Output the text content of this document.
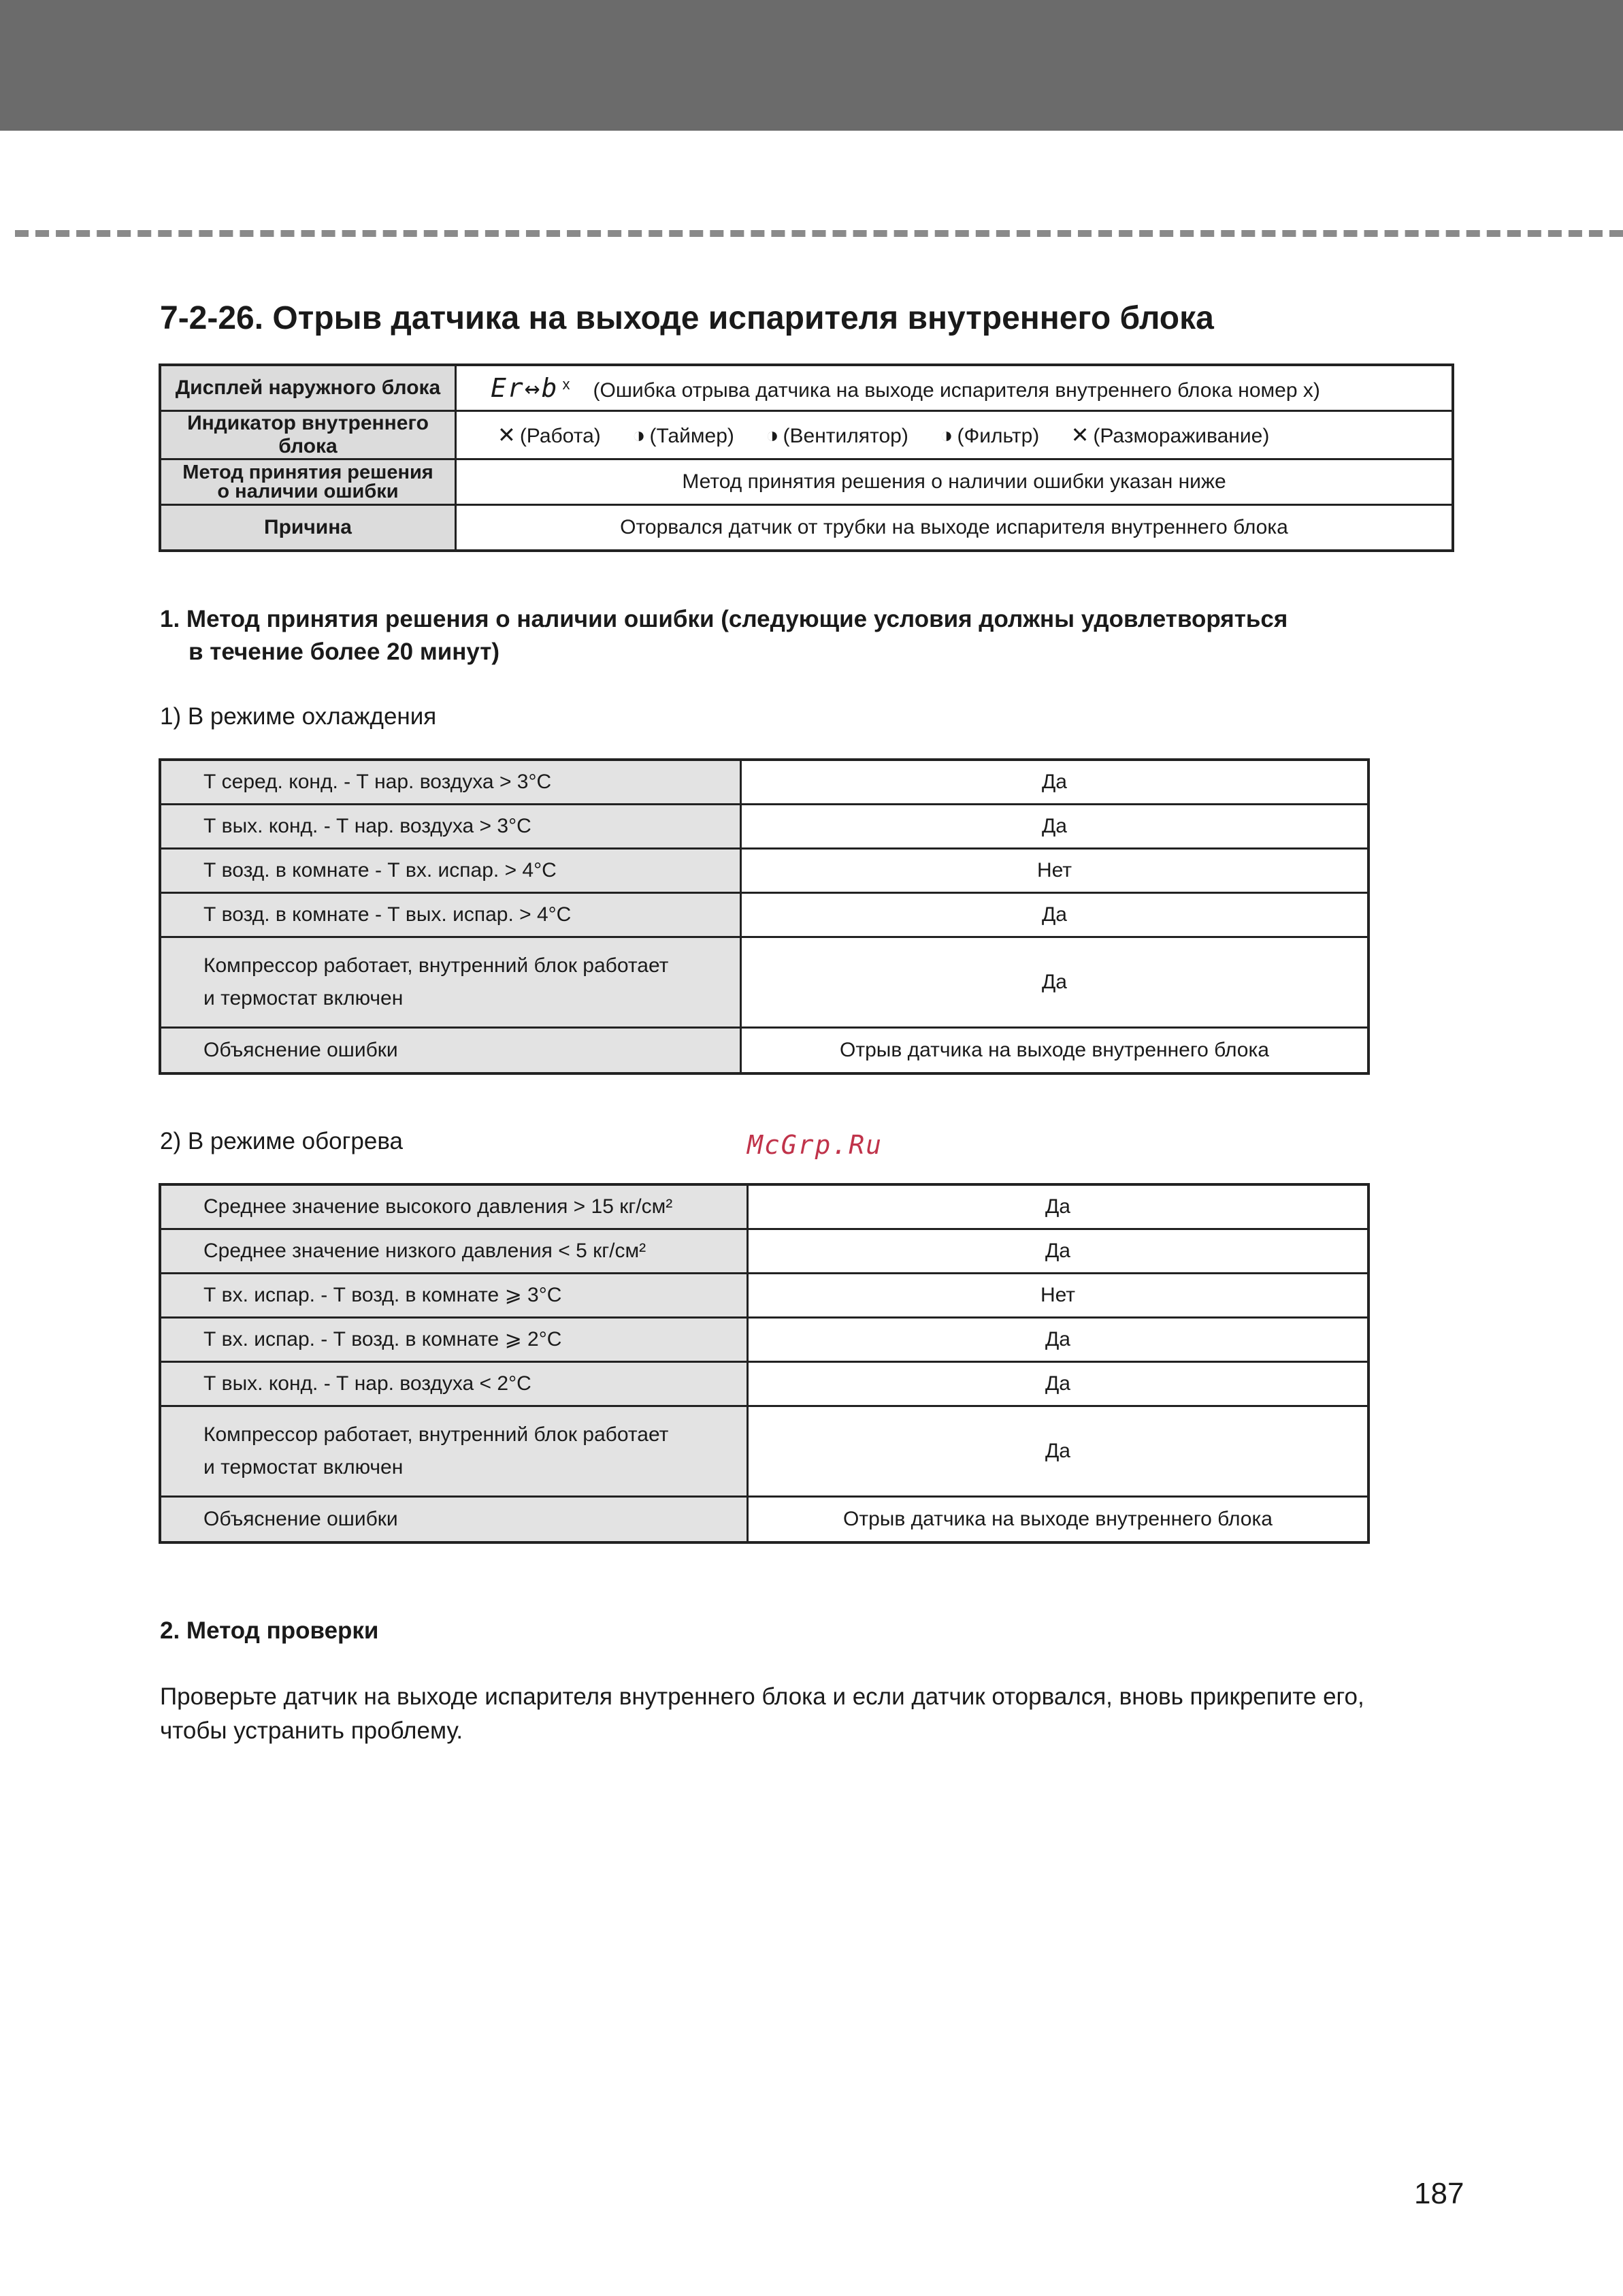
7-2-26. Отрыв датчика на выходе испарителя внутреннего блока
Дисплей наружного блока	Er↔b $^x$ (Ошибка отрыва датчика на выходе испарителя внутреннего блока номер x)
Индикатор внутреннего блока	✕ (Работа) ◑ (Таймер) ◑ (Вентилятор) ◑ (Фильтр) ✕ (Размораживание)

Метод принятия решения
о наличии ошибки	Метод принятия решения о наличии ошибки указан ниже
Причина	Оторвался датчик от трубки на выходе испарителя внутреннего блока
1. Метод принятия решения о наличии ошибки (следующие условия должны удовлетворяться
в течение более 20 минут)
1) В режиме охлаждения
Т серед. конд. - Т нар. воздуха > 3°C	Да
Т вых. конд. - Т нар. воздуха > 3°C	Да
Т возд. в комнате - Т вх. испар. > 4°C	Нет
Т возд. в комнате - Т вых. испар. > 4°C	Да

Компрессор работает, внутренний блок работает
и термостат включен	Да
Объяснение ошибки	Отрыв датчика на выходе внутреннего блока
2) В режиме обогрева	McGrp.Ru
Среднее значение высокого давления > 15 кг/см²	Да
Среднее значение низкого давления < 5 кг/см²	Да
Т вх. испар. - Т возд. в комнате ⩾ 3°C	Нет
Т вх. испар. - Т возд. в комнате ⩾ 2°C	Да
Т вых. конд. - Т нар. воздуха < 2°C	Да

Компрессор работает, внутренний блок работает
и термостат включен	Да
Объяснение ошибки	Отрыв датчика на выходе внутреннего блока
2. Метод проверки
Проверьте датчик на выходе испарителя внутреннего блока и если датчик оторвался, вновь прикрепите его,
чтобы устранить проблему.
187
